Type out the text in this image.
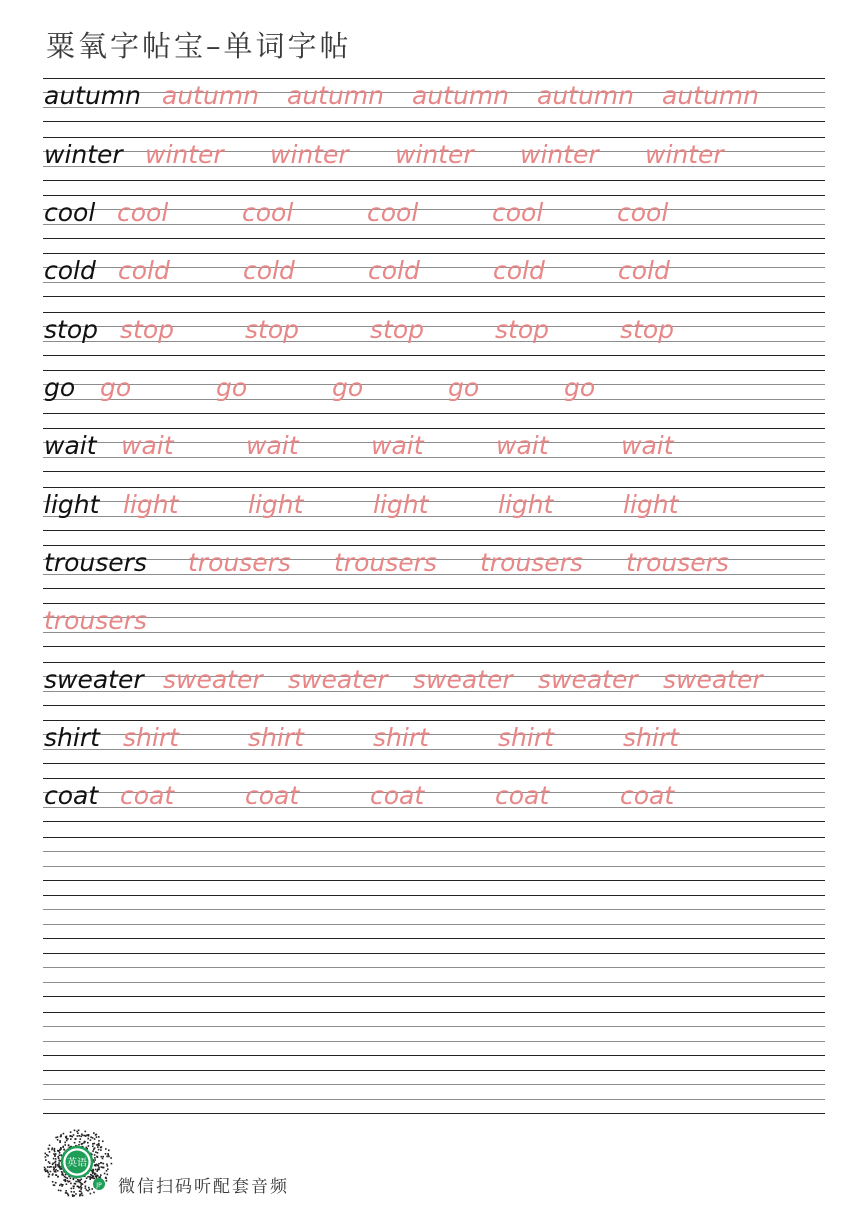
粟氧字帖宝–单词字帖
autumn autumn autumn autumn autumn autumn
winter winter winter winter winter winter
cool cool	cool	cool	cool	cool
cold cold	cold	cold	cold	cold
stop stop	stop	stop	stop	stop
go go	go	go	go	go
wait wait	wait	wait	wait	wait
light light	light	light	light	light
trousers trousers trousers trousers trousers
trousers
sweater sweater sweater sweater sweater sweater
shirt shirt	shirt	shirt	shirt	shirt
coat coat	coat	coat	coat	coat
英语
JP 微信扫码听配套音频
